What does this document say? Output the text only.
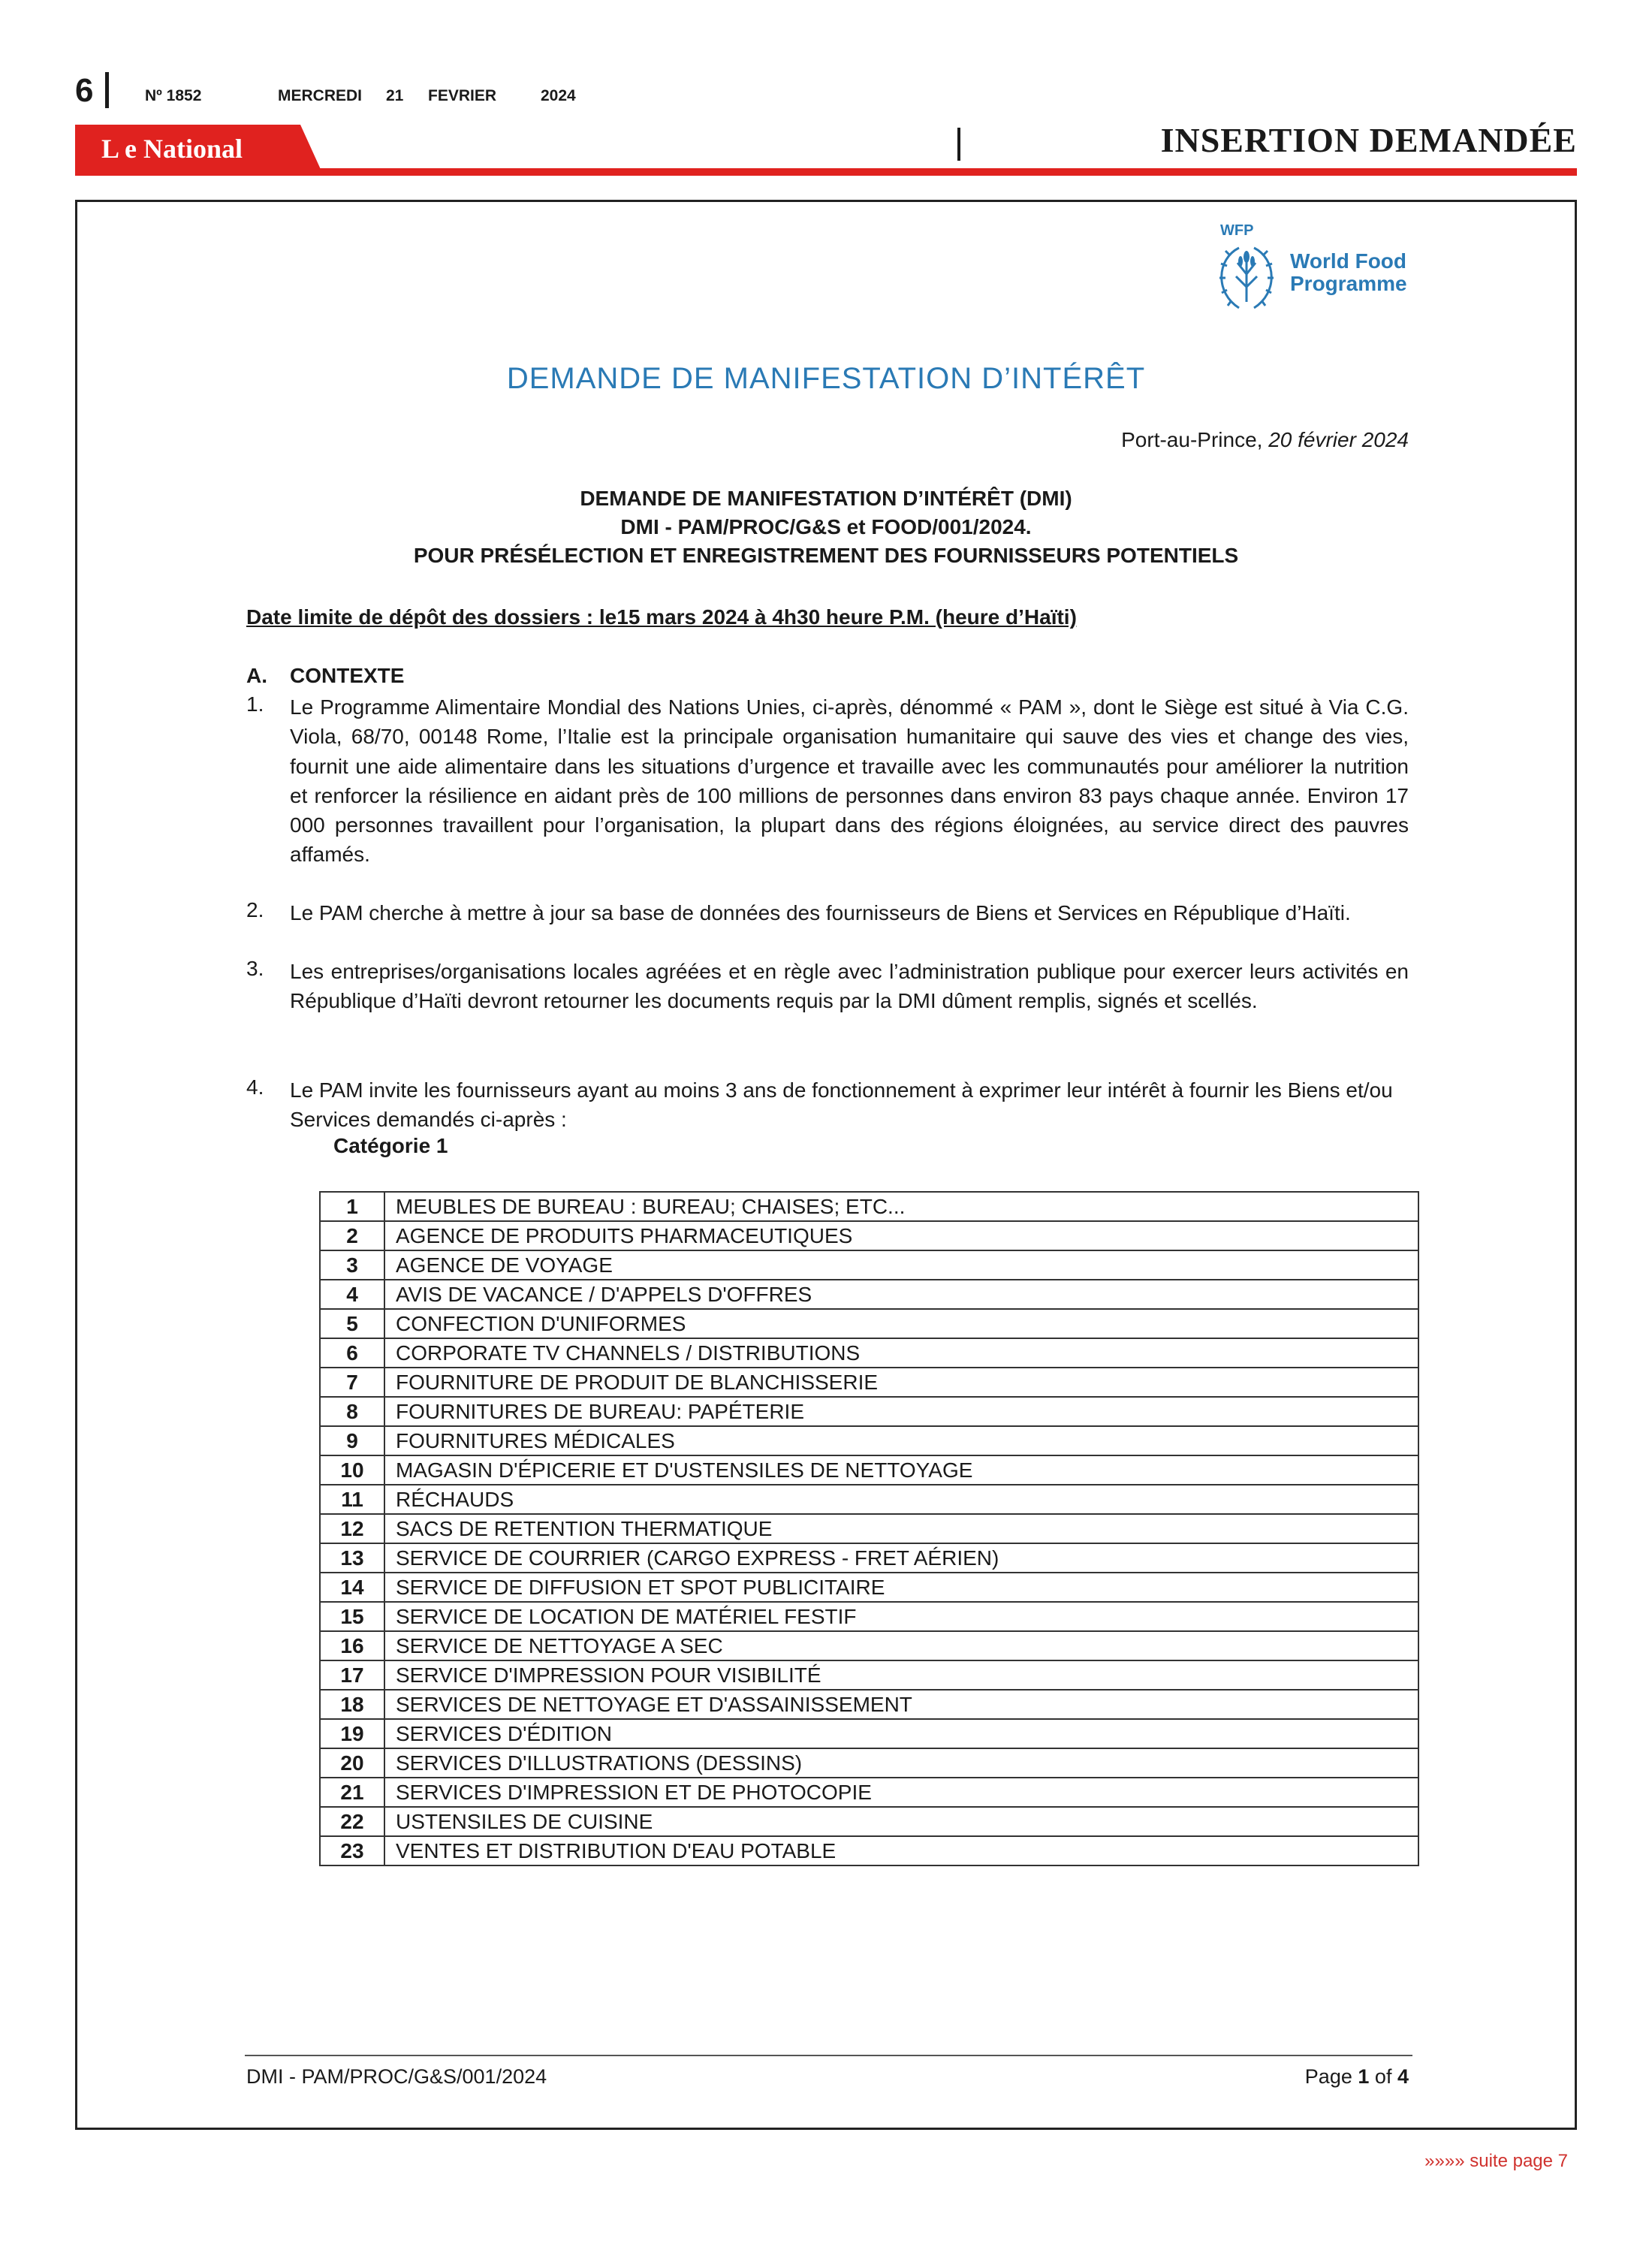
6	Nº 1852	MERCREDI 21 FEVRIER	2024
L e National	INSERTION DEMANDÉE
WFP
World Food
Programme
DEMANDE DE MANIFESTATION D’INTÉRÊT
Port-au-Prince, 20 février 2024
DEMANDE DE MANIFESTATION D’INTÉRÊT (DMI)
DMI - PAM/PROC/G&S et FOOD/001/2024.
POUR PRÉSÉLECTION ET ENREGISTREMENT DES FOURNISSEURS POTENTIELS
Date limite de dépôt des dossiers : le15 mars 2024 à 4h30 heure P.M. (heure d’Haïti)
A. CONTEXTE
1. Le Programme Alimentaire Mondial des Nations Unies, ci-après, dénommé « PAM », dont le Siège est situé à Via C.G. Viola, 68/70, 00148 Rome, l’Italie est la principale organisation humanitaire qui sauve des vies et change des vies, fournit une aide alimentaire dans les situations d’urgence et travaille avec les communautés pour améliorer la nutrition et renforcer la résilience en aidant près de 100 millions de personnes dans environ 83 pays chaque année. Environ 17 000 personnes travaillent pour l’organisation, la plupart dans des régions éloignées, au service direct des pauvres affamés.
2. Le PAM cherche à mettre à jour sa base de données des fournisseurs de Biens et Services en République d’Haïti.
3. Les entreprises/organisations locales agréées et en règle avec l’administration publique pour exercer leurs activités en République d’Haïti devront retourner les documents requis par la DMI dûment remplis, signés et scellés.
4. Le PAM invite les fournisseurs ayant au moins 3 ans de fonctionnement à exprimer leur intérêt à fournir les Biens et/ou Services demandés ci-après :
Catégorie 1
1	MEUBLES DE BUREAU : BUREAU; CHAISES; ETC...
2	AGENCE DE PRODUITS PHARMACEUTIQUES
3	AGENCE DE VOYAGE
4	AVIS DE VACANCE / D'APPELS D'OFFRES
5	CONFECTION D'UNIFORMES
6	CORPORATE TV CHANNELS / DISTRIBUTIONS
7	FOURNITURE DE PRODUIT DE BLANCHISSERIE
8	FOURNITURES DE BUREAU: PAPÉTERIE
9	FOURNITURES MÉDICALES
10	MAGASIN D'ÉPICERIE ET D'USTENSILES DE NETTOYAGE
11	RÉCHAUDS
12	SACS DE RETENTION THERMATIQUE
13	SERVICE DE COURRIER (CARGO EXPRESS - FRET AÉRIEN)
14	SERVICE DE DIFFUSION ET SPOT PUBLICITAIRE
15	SERVICE DE LOCATION DE MATÉRIEL FESTIF
16	SERVICE DE NETTOYAGE A SEC
17	SERVICE D'IMPRESSION POUR VISIBILITÉ
18	SERVICES DE NETTOYAGE ET D'ASSAINISSEMENT
19	SERVICES D'ÉDITION
20	SERVICES D'ILLUSTRATIONS (DESSINS)
21	SERVICES D'IMPRESSION ET DE PHOTOCOPIE
22	USTENSILES DE CUISINE
23	VENTES ET DISTRIBUTION D'EAU POTABLE
DMI - PAM/PROC/G&S/001/2024	Page 1 of 4
»»»» suite page 7
